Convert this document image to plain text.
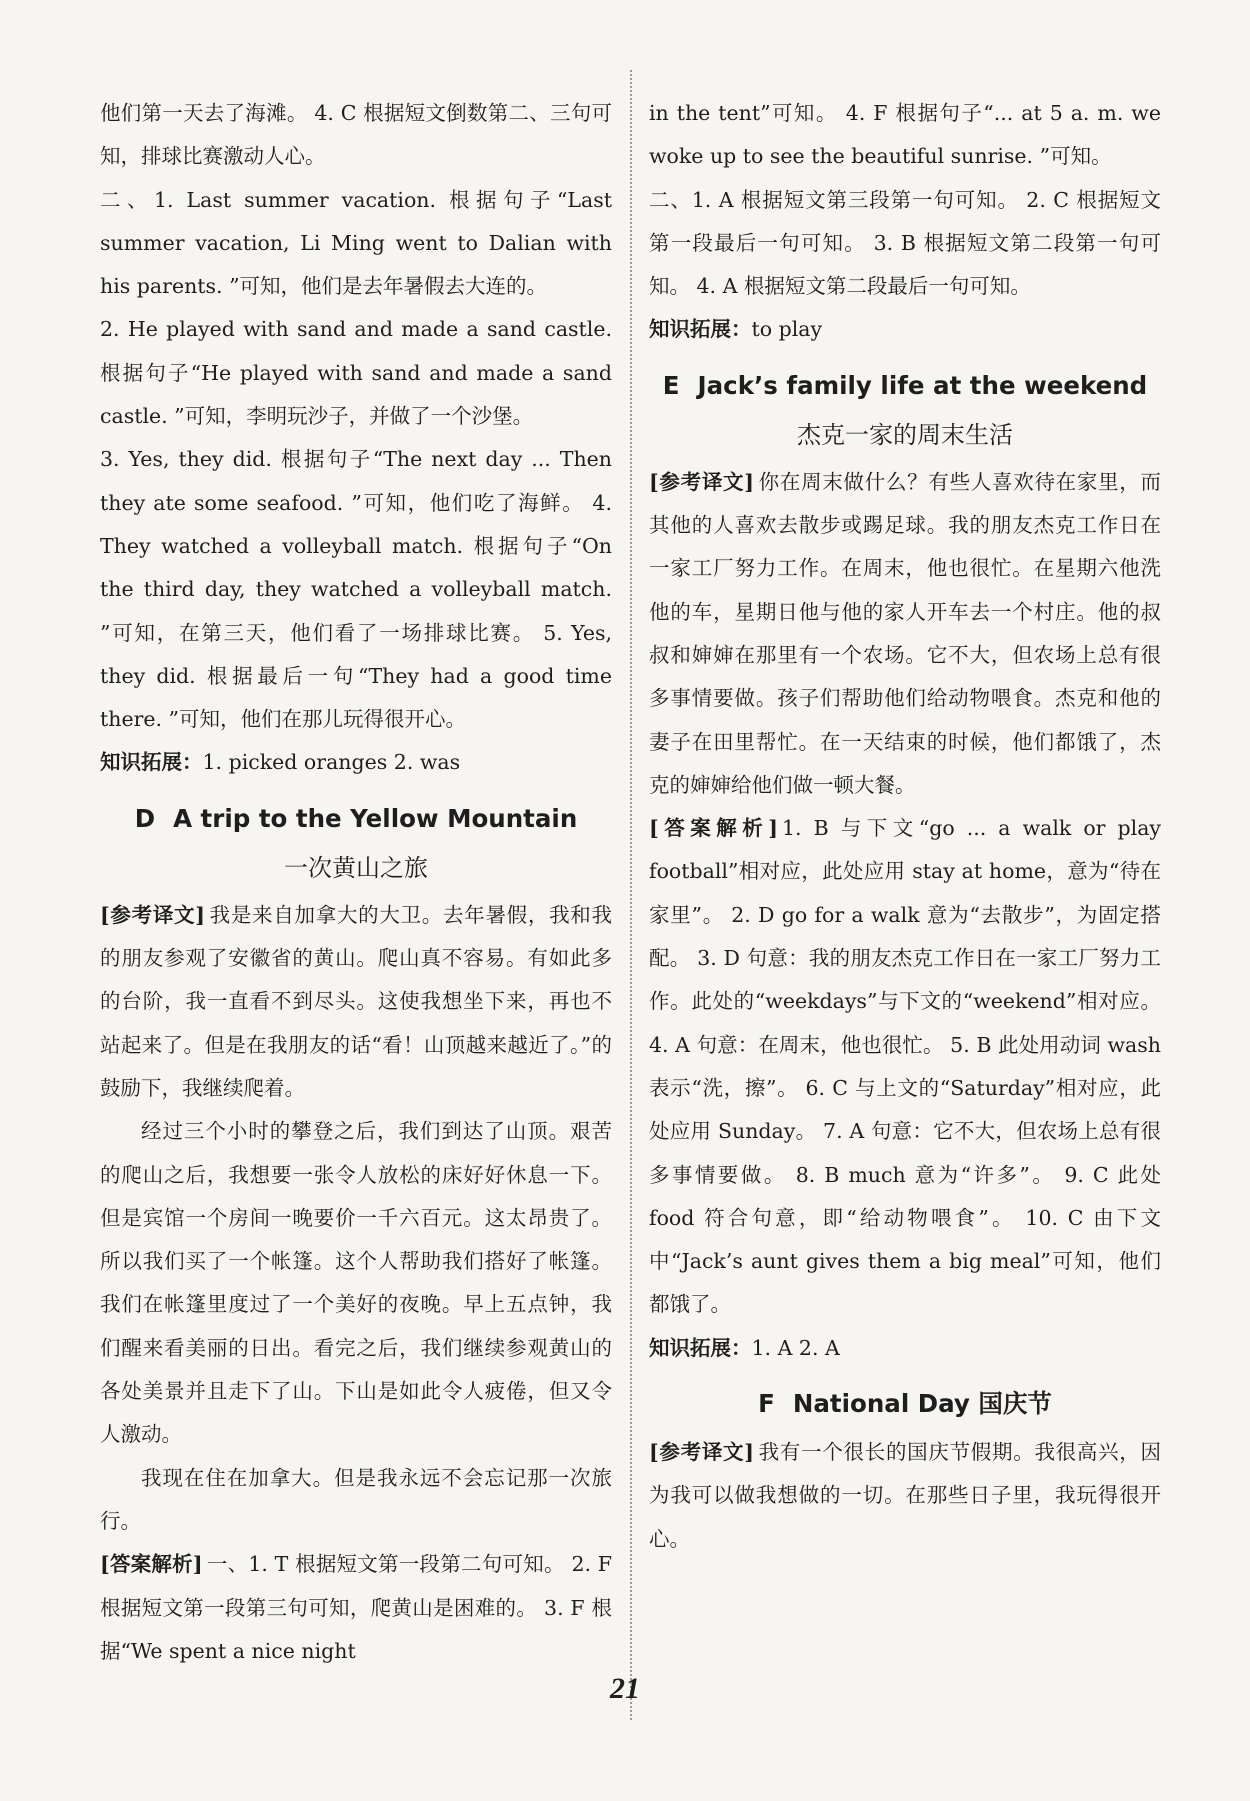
他们第一天去了海滩。 4. C 根据短文倒数第二、三句可知，排球比赛激动人心。

二、1. Last summer vacation. 根据句子“Last summer vacation, Li Ming went to Dalian with his parents. ”可知，他们是去年暑假去大连的。

2. He played with sand and made a sand castle. 根据句子“He played with sand and made a sand castle. ”可知，李明玩沙子，并做了一个沙堡。

3. Yes, they did. 根据句子“The next day ... Then they ate some seafood. ”可知，他们吃了海鲜。 4. They watched a volleyball match. 根据句子“On the third day, they watched a volleyball match. ”可知，在第三天，他们看了一场排球比赛。 5. Yes, they did. 根据最后一句“They had a good time there. ”可知，他们在那儿玩得很开心。

知识拓展：1. picked oranges 2. was

D A trip to the Yellow Mountain
一次黄山之旅

[参考译文] 我是来自加拿大的大卫。去年暑假，我和我的朋友参观了安徽省的黄山。爬山真不容易。有如此多的台阶，我一直看不到尽头。这使我想坐下来，再也不站起来了。但是在我朋友的话“看！山顶越来越近了。”的鼓励下，我继续爬着。

经过三个小时的攀登之后，我们到达了山顶。艰苦的爬山之后，我想要一张令人放松的床好好休息一下。但是宾馆一个房间一晚要价一千六百元。这太昂贵了。所以我们买了一个帐篷。这个人帮助我们搭好了帐篷。我们在帐篷里度过了一个美好的夜晚。早上五点钟，我们醒来看美丽的日出。看完之后，我们继续参观黄山的各处美景并且走下了山。下山是如此令人疲倦，但又令人激动。

我现在住在加拿大。但是我永远不会忘记那一次旅行。

[答案解析] 一、1. T 根据短文第一段第二句可知。 2. F 根据短文第一段第三句可知，爬黄山是困难的。 3. F 根据“We spent a nice night

in the tent”可知。 4. F 根据句子“... at 5 a. m. we woke up to see the beautiful sunrise. ”可知。

二、1. A 根据短文第三段第一句可知。 2. C 根据短文第一段最后一句可知。 3. B 根据短文第二段第一句可知。 4. A 根据短文第二段最后一句可知。

知识拓展：to play

E Jack’s family life at the weekend
杰克一家的周末生活

[参考译文] 你在周末做什么？有些人喜欢待在家里，而其他的人喜欢去散步或踢足球。我的朋友杰克工作日在一家工厂努力工作。在周末，他也很忙。在星期六他洗他的车，星期日他与他的家人开车去一个村庄。他的叔叔和婶婶在那里有一个农场。它不大，但农场上总有很多事情要做。孩子们帮助他们给动物喂食。杰克和他的妻子在田里帮忙。在一天结束的时候，他们都饿了，杰克的婶婶给他们做一顿大餐。

[答案解析] 1. B 与下文“go ... a walk or play football”相对应，此处应用 stay at home，意为“待在家里”。 2. D go for a walk 意为“去散步”，为固定搭配。 3. D 句意：我的朋友杰克工作日在一家工厂努力工作。此处的“weekdays”与下文的“weekend”相对应。 4. A 句意：在周末，他也很忙。 5. B 此处用动词 wash 表示“洗，擦”。 6. C 与上文的“Saturday”相对应，此处应用 Sunday。 7. A 句意：它不大，但农场上总有很多事情要做。 8. B much 意为“许多”。 9. C 此处 food 符合句意，即“给动物喂食”。 10. C 由下文中“Jack’s aunt gives them a big meal”可知，他们都饿了。

知识拓展：1. A 2. A

F National Day 国庆节

[参考译文] 我有一个很长的国庆节假期。我很高兴，因为我可以做我想做的一切。在那些日子里，我玩得很开心。

21
